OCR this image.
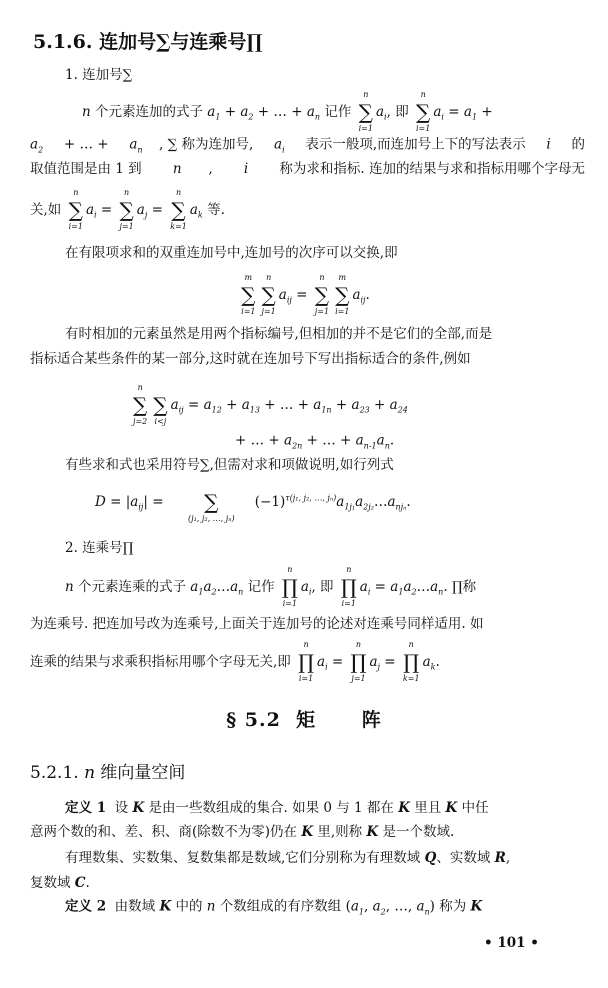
5.1.6. 连加号∑与连乘号∏
1. 连加号∑
n 个元素连加的式子 $a_1 + a_2$ + … + $a_n$ 记作
n
∑
i=1
$a_i$ , 即
n
∑
i=1
$a_i = a_1$ +
$a_2$ + … + $a_n$ , ∑ 称为连加号, $a_i$ 表示一般项,而连加号上下的写法表示 i 的
取值范围是由 1 到 n , i 称为求和指标. 连加的结果与求和指标用哪个字母无
关,如
n
∑
i=1
$a_i$ =
n
∑
j=1
$a_j$ =
n
∑
k=1
$a_k$ 等.
在有限项求和的双重连加号中,连加号的次序可以交换,即
m
∑
i=1
n
∑
j=1
$a_{ij}$ =
n
∑
j=1
m
∑
i=1
$a_{ij}$ .
有时相加的元素虽然是用两个指标编号,但相加的并不是它们的全部,而是
指标适合某些条件的某一部分,这时就在连加号下写出指标适合的条件,例如
n
∑
j=2
∑
i<j
$a_{ij} = a_{12} + a_{13}$ + … + $a_{1n} + a_{23} + a_{24}$
+ … + $a_{2n}$ + … + $a_{n-1}$ $a_n$ .
有些求和式也采用符号∑,但需对求和项做说明,如行列式
D = | $a_{ij}$ | = ∑
(j₁, j₂, …, jₙ)
(−1) $^{\tau(j_1, j_2, \dots, j_n)}$ $a_{1j_1}$ $a_{2j_2}$ … $a_{nj_n}$ .
2. 连乘号∏
n 个元素连乘的式子 $a_1$ $a_2$ … $a_n$ 记作
n
∏
i=1
$a_i$ , 即
n
∏
i=1
$a_i = a_1$ $a_2$ … $a_n$ . ∏称
为连乘号. 把连加号改为连乘号,上面关于连加号的论述对连乘号同样适用. 如
连乘的结果与求乘积指标用哪个字母无关,即
n
∏
i=1
$a_i$ =
n
∏
j=1
$a_j$ =
n
∏
k=1
$a_k$ .
§ 5.2  矩      阵
5.2.1. n 维向量空间
定义 1 设 K 是由一些数组成的集合. 如果 0 与 1 都在 K 里且 K 中任
意两个数的和、差、积、商(除数不为零)仍在 K 里,则称 K 是一个数域.
有理数集、实数集、复数集都是数域,它们分别称为有理数域 Q 、实数域 R ,
复数域 C .
定义 2 由数域 K 中的 n 个数组成的有序数组 ( $a_1$ , $a_2$ , …, $a_n$ ) 称为 K
• 101 •
